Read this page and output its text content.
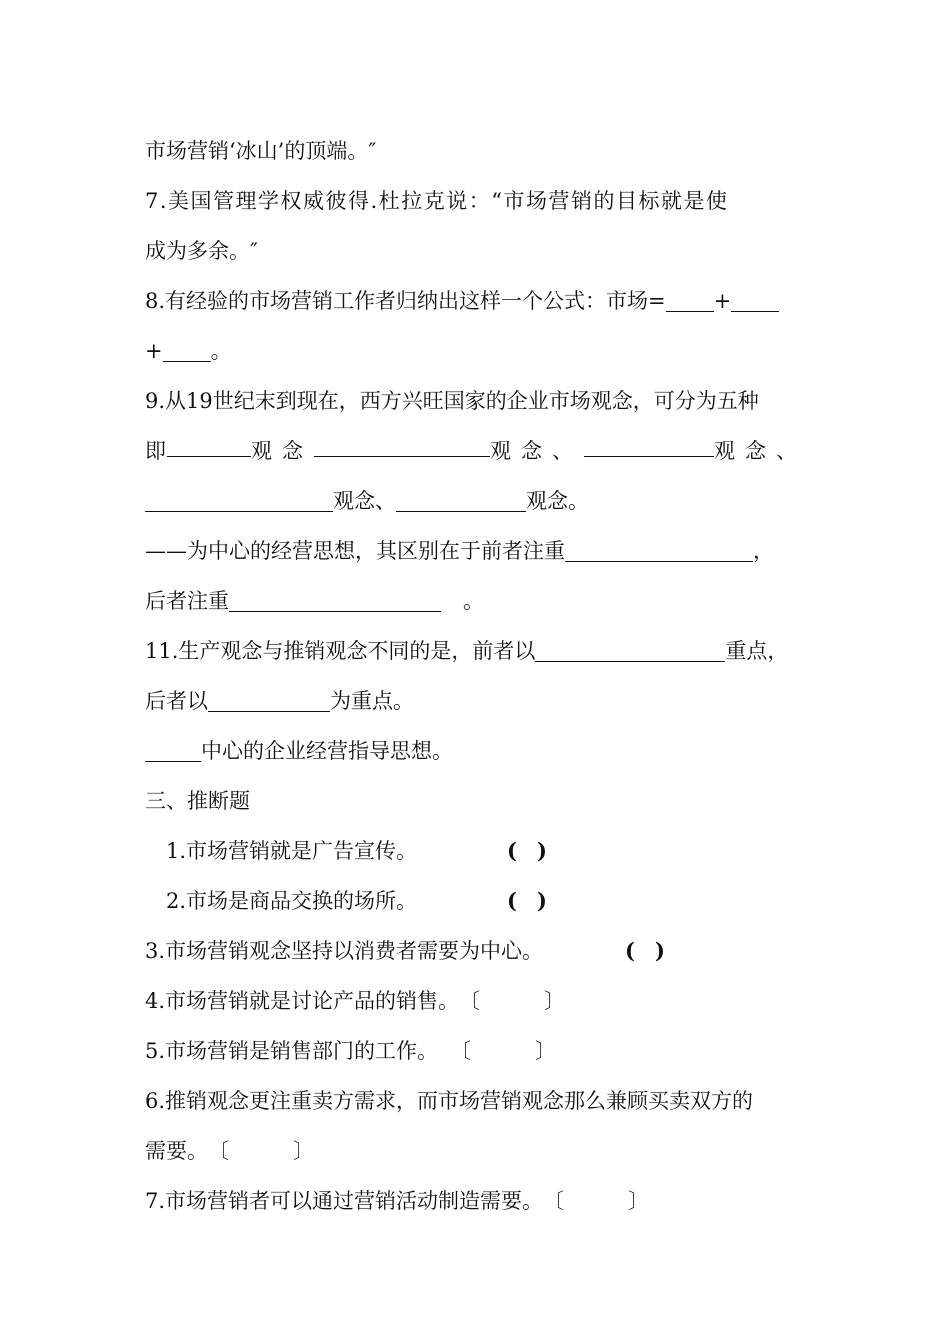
市场营销‘冰山’的顶端。″
7.美国管理学权威彼得.杜拉克说：“市场营销的目标就是使
成为多余。″
8.有经验的市场营销工作者归纳出这样一个公式：市场= +
+ 。
9.从19世纪末到现在，西方兴旺国家的企业市场观念，可分为五种
即	观念	观念、	观念、
观念、	观念。
——为中心的经营思想，其区别在于前者注重	，
后者注重	。
11.生产观念与推销观念不同的是，前者以	重点，
后者以	为重点。
中心的企业经营指导思想。
三、推断题
1.市场营销就是广告宣传。	( )
2.市场是商品交换的场所。	( )
3.市场营销观念坚持以消费者需要为中心。	( )
4.市场营销就是讨论产品的销售。〔	〕
5.市场营销是销售部门的工作。 〔	〕
6.推销观念更注重卖方需求，而市场营销观念那么兼顾买卖双方的
需要。〔	〕
7.市场营销者可以通过营销活动制造需要。〔	〕
